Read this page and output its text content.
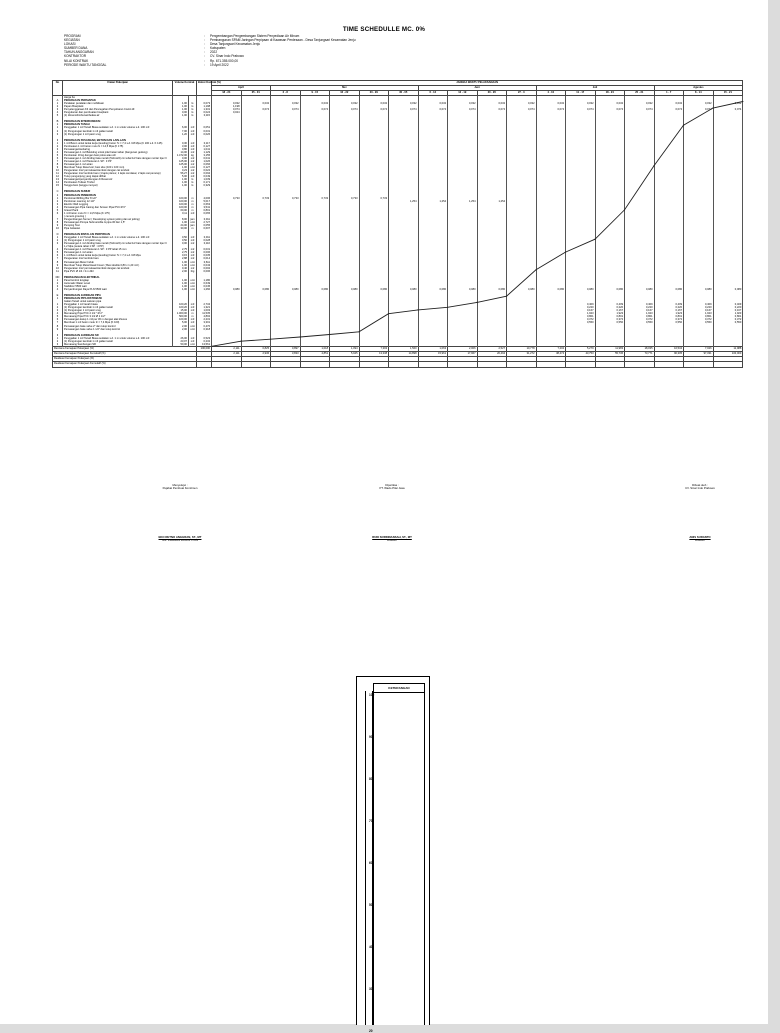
TIME SCHEDULLE MC. 0%
PROGRAM	:	Pengembangan Pengembangan Sistem Penyediaan Air Minum
KEGIATAN	:	Pembangunan SPAM Jaringan Perpipaan di Kawasan Perdesaan - Desa Tanjungsari Kecamatan Jenju
LOKASI	:	Desa Tanjungsari Kecamatan Jenju
SUMBER DANA	:	Kabupaten
TAHUN ANGGARAN	:	2022
KONTRAKTOR	:	CV. Sinar Indo Prabowo
NILAI KONTRAK	:	Rp. 671.355.000,00
PERIODE WAKTU TANGGAL	:	19 April 2022
No	Uraian Pekerjaan	Volume Kontrak		Bobot Kontrak (%)	JANGKA WAKTU PELAKSANAAN																	
					April		Mei					Juni				Juli				Agustus		
					18 - 24	25 - 01	2 - 8	9 - 15	16 - 22	23 - 29	30 - 05	6 - 12	13 - 19	20 - 26	27 - 3	4 - 10	11 - 17	18 - 24	25 - 31	1 - 7	8 - 14	15 - 21
	Harga Ke																					
A	PEKERJAAN PERSIAPAN																					
1	Peralatan peralatan dan mobilisasi	1,00	ls	0,073	0,032	0,032	0,032	0,032	0,032	0,032	0,032	0,032	0,032	0,032	0,032	0,032	0,032	0,032	0,032	0,032	0,032	0,032
2	Papan Bowplank	1,00	ls	1,198	1,198																	
3	Penyelenggaraan K3 dan Pencegahan Penyebaran Covid-19	1,00	ls	1,331	0,074	0,074	0,074	0,074	0,074	0,074	0,074	0,074	0,074	0,074	0,074	0,074	0,074	0,074	0,074	0,074	0,074	0,074
4	Pengukuran dan pembuatan bowplank	0,00	ls	0,024	0,024																	
5	(1) dimensi/timbunan/bekas air	1,00	ls	0,115																		

B	PEKERJAAN INTERKONEKSI																					
1	PEKERJAAN TANAH																					
1	Penggalian 1 m3 Tanah Biasa sedalam s.d. 1 m untuk volume s.d. 100 m3	6,00	m3	0,051																		
2	(1) Pengurugan kembali 1 m3 galian tanah	7,00	m3	0,031																		
3	(1) Pengurugan 1 m3 pasir urug	1,20	m3	0,026																		

II	PEKERJAAN PASANGAN, BETON DAN LAIN-LAIN																					
1	1 m3 Beton untuk lantai kerja (leveling) beton f'c = 7,4 s.d. fc8 Mpa (K 100 s.d. K 125)	0,30	m3	0,117																		
2	Pembuatan 1 m3 beton mutu fc = 14,5 Mpa (K 175)	3,00	m3	0,127																		
3	Pemasangan/sebaring	0,80	m3	1,041																		
4	Pemasangan 1 m2 Bekisting untuk pilar betan tahan (bangunan gedung)	14,00	m2	1,129																		
5	Pembesian 10 kg dengan besi polos atau ulir	1.472,00	kg	3,155																		
6	Pemasangan 1 m2 dinding bata merah (5x11x22) cm tebal 1/2 batu dengan mortar tipe N	0,00	m2	0,041																		
7	Pemasangan 1 m2 Plesteran 1 SP : 3 PP	125,00	m2	1,026																		
8	Pemasangan 1 m2 acian	125,00	m2	0,066																		
9	Membuat Tutup Reservoir; besi siku (100 x 100 mm)	1,00	unit	0,127																		
10	Pengecatan 1m2 permukaan/tembok dengan cat tembok	0,23	m2	0,022																		
11	Pengecatan 1m2 tembok baru (1 lapis plamur, 1 lapis cat dasar, 2 lapis cat penutup)	56,27	m2	0,094																		
12	Tutup pengunjung yang dapat dilihat	5,00	m3	0,049																		
13	Pemasangan/penyambungan di Reservoir	1,00	ls	1,039																		
14	Pembuatan Tulisan Timbul	1,00	ls	0,171																		
15	Tangga besi (tangga monyet)	1,00	ls	0,329																		

C	PEKERJAAN SUMUR																					
1	PEKERJAAN PEMBORAN																					
1	Pemboran/Drilling Bor 8 1/2"	100,00	m	4,006	0,733	0,733	0,733	0,733	0,733	0,733												
2	Pemboran reaming 12 1/2"	100,00	m	5,017							1,254	1,254	1,254	1,254								
3	Electric Well Logging	100,00	m	0,663																		
4	Pemasangan Pipa Casing dan Screen Pipa PVC Ø 6"	100,00	m	3,541																		
5	Gravel Pack	60,00	m	0,801																		
6	1 m3 beton mutu f'c = 14,5 Mpa (K 175)	0,11	m3	0,065																		
	( cement grouting )																					
7	Pengembangan Sumur ( Developing system jetting dan air jetting)	8,00	jam	0,011																		
8	Pemasangan Pompa Submersible & pipa 30 liter 1,5"	1,00	unit	2,727																		
9	Pumping Test	24,00	jam	0,055																		
10	Pipa Isolasian	30,00	m	0,607																		

D	PEKERJAAN INSTALASI PERPIPAAN																					
1	Penggalian 1 m3 Tanah Biasa sedalam s.d. 1 m untuk volume s.d. 100 m3	0,50	m3	0,011																		
2	(1) Pengurugan 1 m3 pasir urug	0,50	m3	0,028																		
3	Pemasangan 1 m2 dinding bata merah (5x11x22) cm tebal 1/2 batu dengan mortar tipe N	0,00	m2	0,116																		
	1,2 Mpa (setara rabat 1 SP : 4 PP)																					
4	Pemasangan 1 m2 Plesteran 1 SP : 3 PP tebal 15 mm	2,75	m2	0,031																		
5	Pemasangan 1 m2 acian	2,75	m2	0,006																		
6	1 m3 Beton untuk lantai kerja (leveling) beton f'c = 7,4 s.d. fc8 Mpa	0,15	m3	0,035																		
7	Pengecatan 1m2 tembok baru	2,88	m2	0,014																		
8	Pemasangan Meter Induk	1,00	unit	0,611																		
9	Membuat Tutup Meter/Head Cover ( Besi double 0,80 x 1,20 m3 )	1,00	unit	0,043																		
10	Pengecatan 1m2 permukaan/tembok dengan cat tembok	0,46	m2	0,002																		
11	Pipa PVC Ø 1/4 / 3 m dibl	2,00	btg	0,006																		

DD	PEMASANGAN ELEKTRIKAL																					
1	Panel kontrol lengkap	1,00	unit	1,180																		
2	Automatic Water Level	1,00	unit	0,649																		
3	Stabilizer 5500 watt	1,00	unit	0,045																		
4	Penyambungan Daya PLN 5500 watt	1,00	unit	1,260	0,080	0,080	0,080	0,080	0,080	0,080	0,080	0,080	0,080	0,080	0,080	0,080	0,080	0,080	0,080	0,080	0,080	0,080

E	PEKERJAAN JARINGAN PIPA																					
1	PEKERJAAN PIPA DISTRIBUSI																					
	Galian Tanah untuk saluran pipa																					
1	Penggalian 1 m3 tanah biasa	100,20	m3	2,734													0,409	0,409	0,409	0,409	0,409	0,409
2	(1) Pengurugan kembali 1 m3 galian tanah	100,20	m3	1,321													0,220	0,220	0,220	0,220	0,220	0,220
3	(1) Pengurugan 1 m3 pasir urug	15,00	m3	1,003													0,167	0,167	0,167	0,167	0,167	0,167
4	Memasang Pipa PVC 2 1/2 " Ø 2"	1.000,00	m	11,535													1,923	1,923	1,923	1,923	1,923	1,923
5	Memasang Pipa PVC 3 1/2 Ø 1 1/2"	500,00	m	4,802													0,801	0,801	0,801	0,801	0,801	0,801
6	Pemasangan katup 1 m3 per 30 m dengan alat khusus	100,00	m3	2,231													0,372	0,372	0,372	0,372	0,372	0,372
7	Membuat 1 m3 beton mutu fc = 7,4 Mpa (K 100)	5,00	m3	3,301													0,550	0,550	0,550	0,550	0,550	0,550
8	Pemasangan Gate valve 2" dan tutup kontrol	2,00	unit	0,470																		
9	Pemasangan Gate valve 1 1/2" dan tutup kontrol	2,00	unit	0,318																		

II	PEKERJAAN JARINGAN SR																					
1	Penggalian 1 m3 Tanah Biasa sedalam s.d. 1 m untuk volume s.d. 100 m3	26,00	m3	0,523																		
2	(1) Pengurugan kembali 1 m3 galian tanah	23,07	m3	0,232																		
3	Memasang Sambungan SR	50,00	unit	13,561																		
Rencana Kemajuan Pekerjaan (%)				100,000	2,111	0,825	0,897	1,018	1,094	7,393	1,560	1,063	2,006	2,527	10,778	7,202	5,279	11,983	18,035	16,534	7,026	11,988
Rencana Kemajuan Pekerjaan Kumulatif (%)					2,111	2,936	3,833	4,851	5,945	13,338	14,898	15,961	17,967	20,494	31,272	38,474	43,753	55,736	73,771	90,305	97,331	100,000
Realisasi Kemajuan Pekerjaan (%)																						
Realisasi Kemajuan Pekerjaan Kumulatif (%)																						
Menyetujui :
Pejabat Pembuat Komitmen
EKO RETNO ANGGRAN, ST., MT
NIP. 19840624 201001 1 001
Diperiksa :
PT. Wado Pilar Jasa
RUDI NURDINANSAH, ST., MT
Direktur
Dibuat oleh :
CV. Sinar Indo Prabowo
ANIS SURANTO
Direktur
KETERANGAN
100
90
80
70
60
50
40
30
20
